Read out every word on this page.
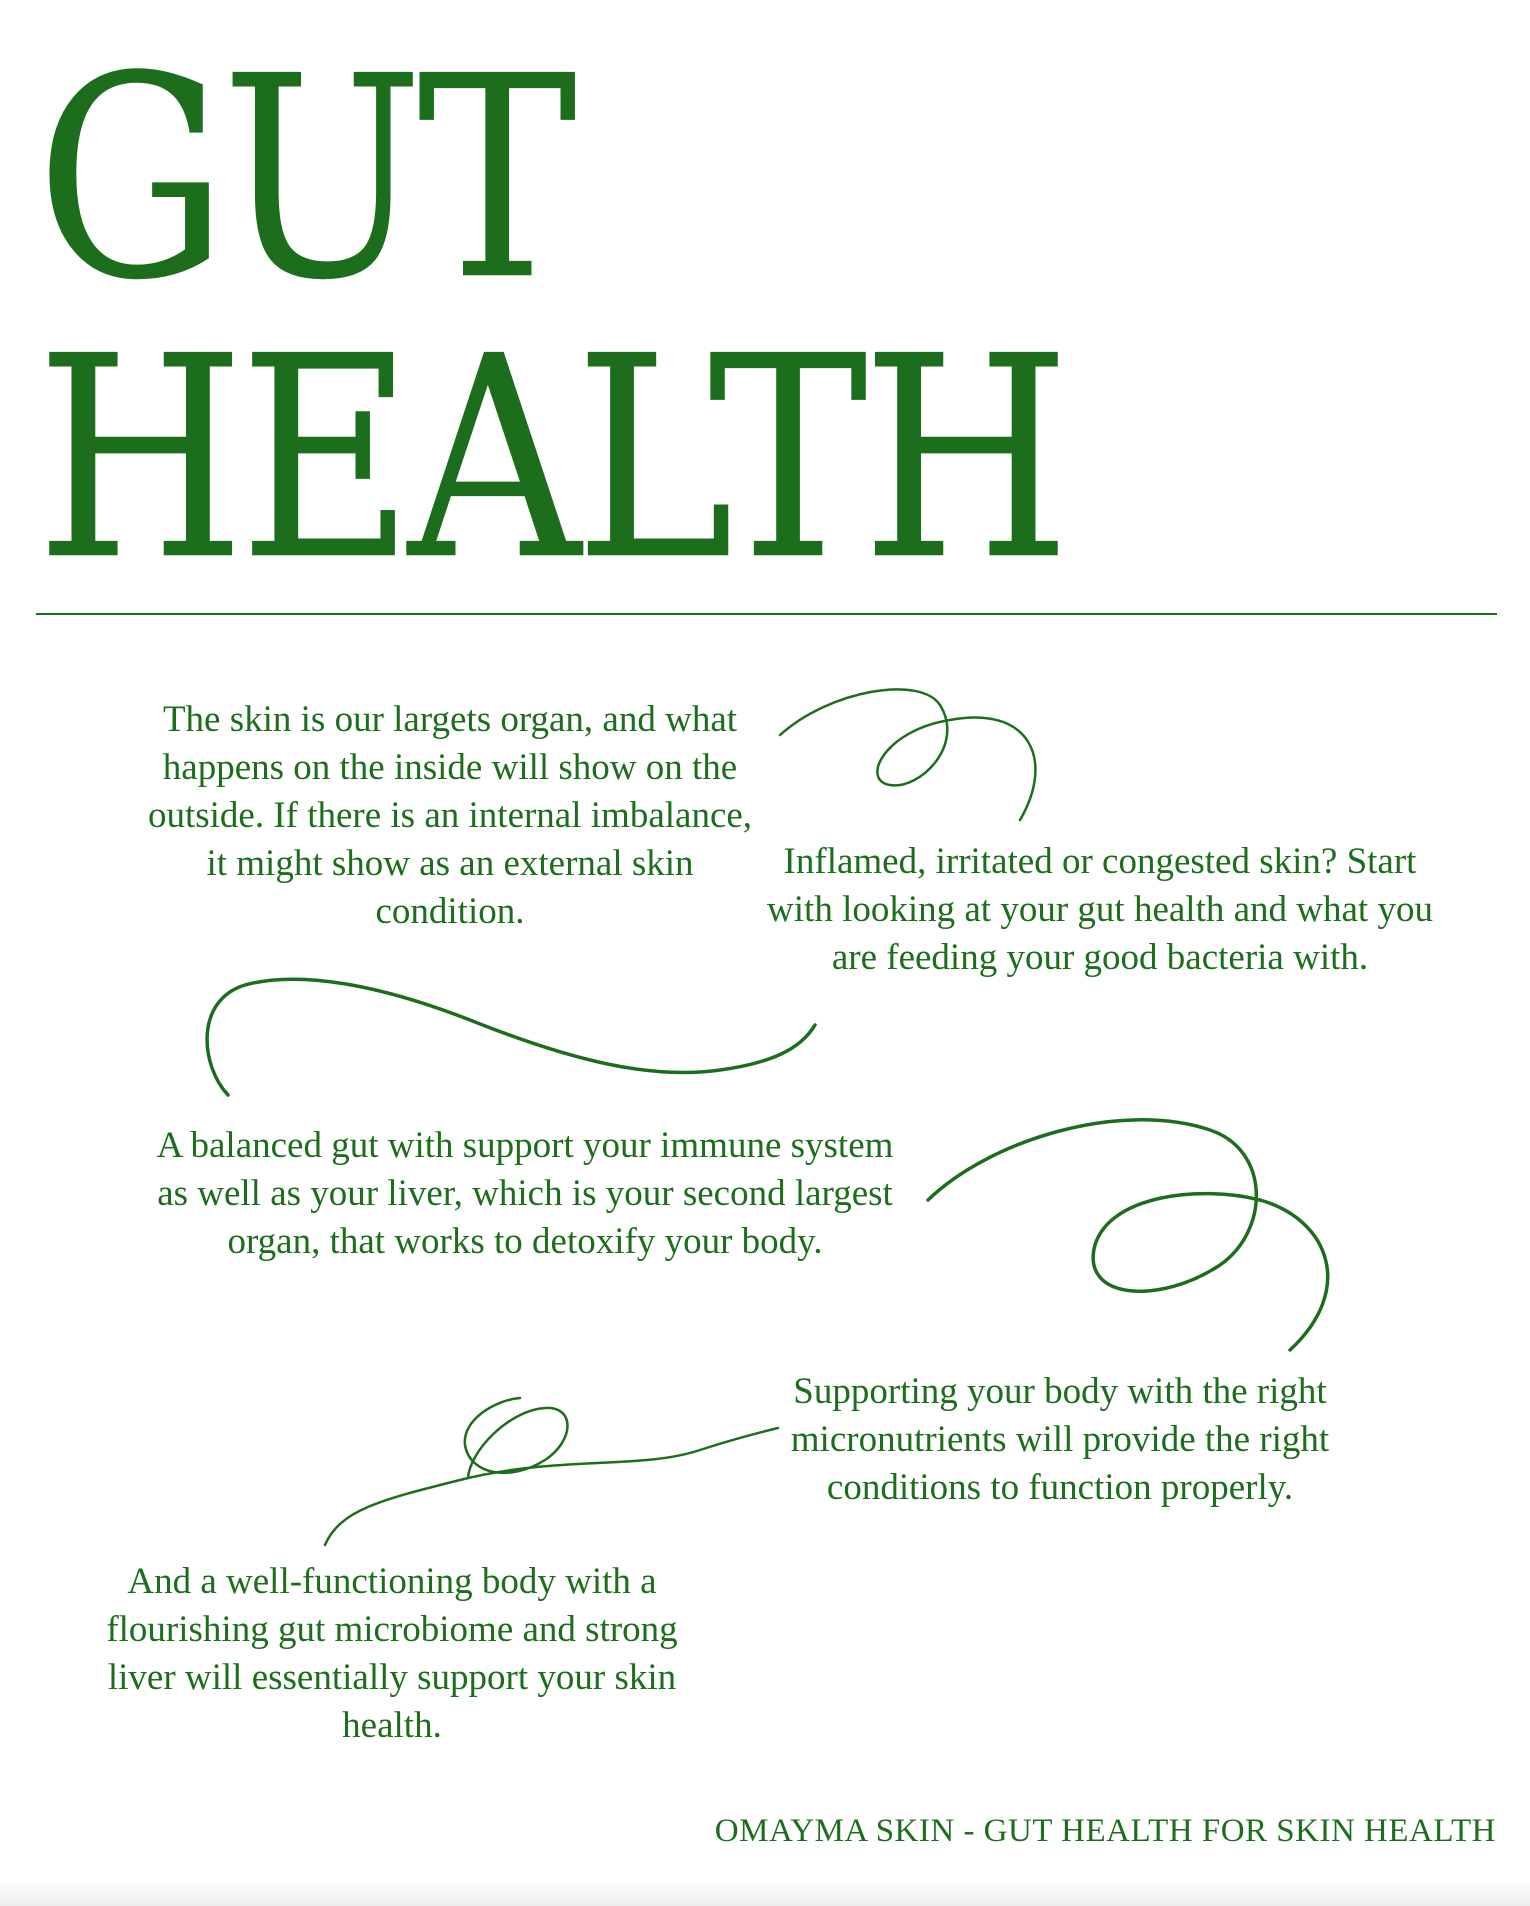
GUT
HEALTH

The skin is our largets organ, and what happens on the inside will show on the outside. If there is an internal imbalance, it might show as an external skin condition.

Inflamed, irritated or congested skin? Start with looking at your gut health and what you are feeding your good bacteria with.

A balanced gut with support your immune system as well as your liver, which is your second largest organ, that works to detoxify your body.

Supporting your body with the right micronutrients will provide the right conditions to function properly.

And a well-functioning body with a flourishing gut microbiome and strong liver will essentially support your skin health.

OMAYMA SKIN - GUT HEALTH FOR SKIN HEALTH
